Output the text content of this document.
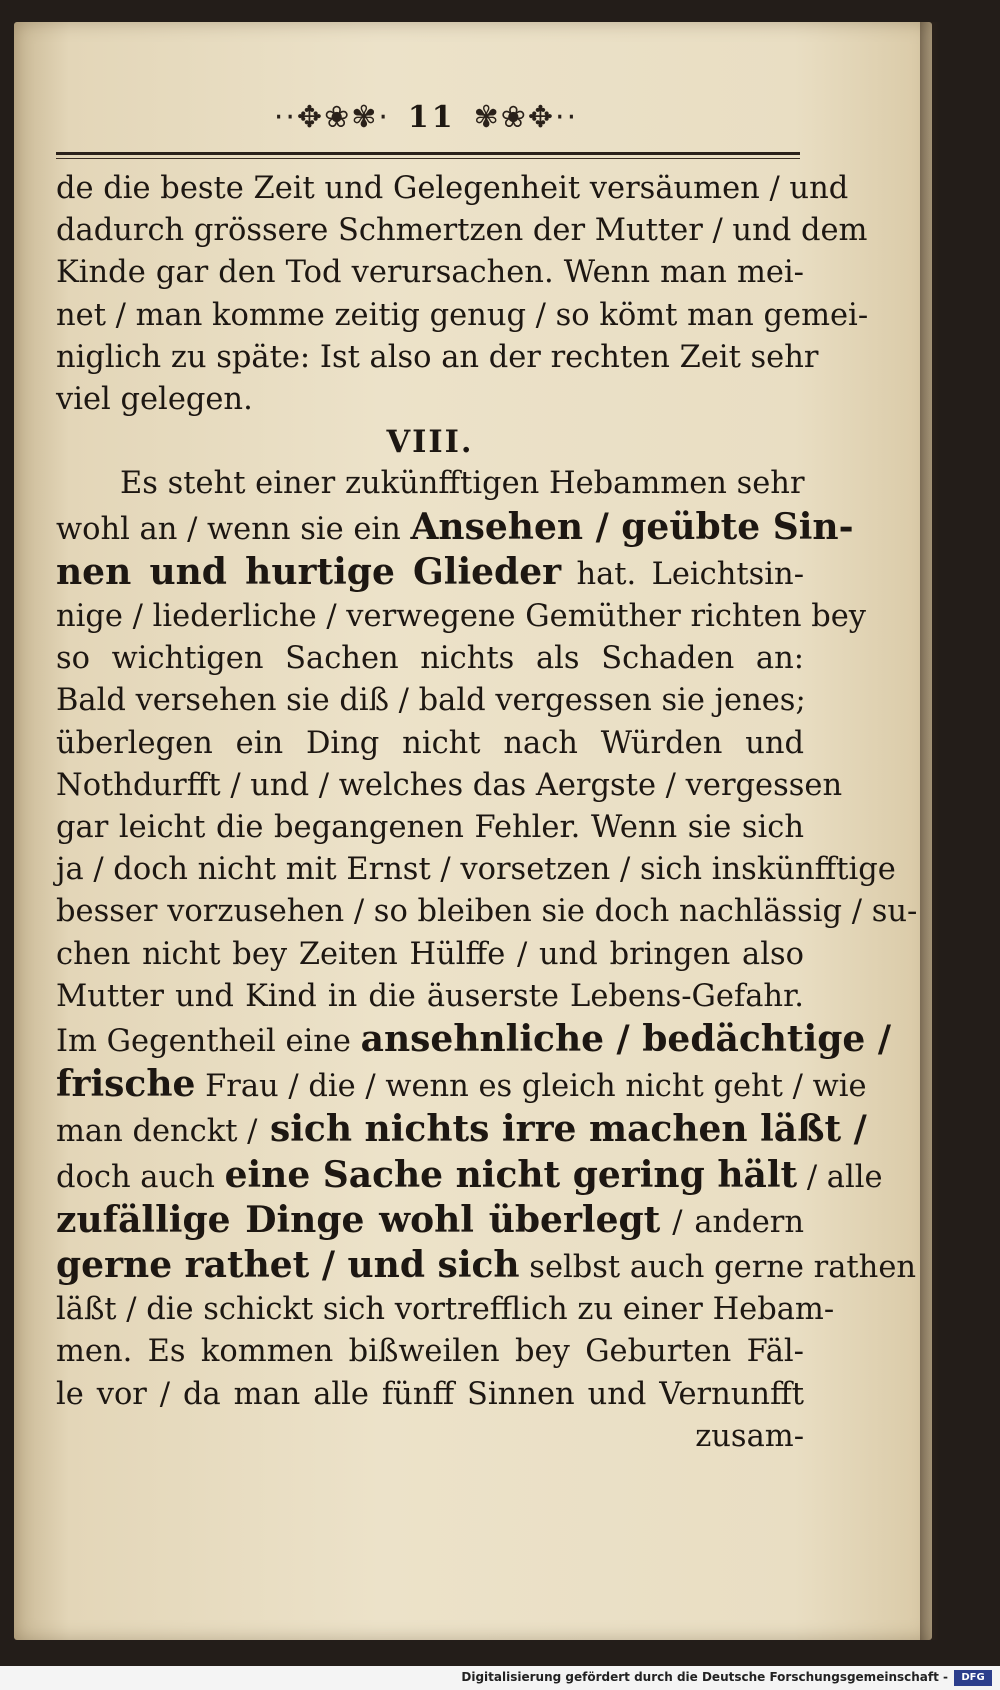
··✥❀✾· 11 ✾❀✥··
de die beste Zeit und Gelegenheit versäumen / und
dadurch grössere Schmertzen der Mutter / und dem
Kinde gar den Tod verursachen. Wenn man mei-
net / man komme zeitig genug / so kömt man gemei-
niglich zu späte: Ist also an der rechten Zeit sehr
viel gelegen.
VIII.
Es steht einer zukünfftigen Hebammen sehr
wohl an / wenn sie ein Ansehen / geübte Sin-
nen und hurtige Glieder hat. Leichtsin-
nige / liederliche / verwegene Gemüther richten bey
so wichtigen Sachen nichts als Schaden an:
Bald versehen sie diß / bald vergessen sie jenes;
überlegen ein Ding nicht nach Würden und
Nothdurfft / und / welches das Aergste / vergessen
gar leicht die begangenen Fehler. Wenn sie sich
ja / doch nicht mit Ernst / vorsetzen / sich inskünfftige
besser vorzusehen / so bleiben sie doch nachlässig / su-
chen nicht bey Zeiten Hülffe / und bringen also
Mutter und Kind in die äuserste Lebens-Gefahr.
Im Gegentheil eine ansehnliche / bedächtige /
frische Frau / die / wenn es gleich nicht geht / wie
man denckt / sich nichts irre machen läßt /
doch auch eine Sache nicht gering hält / alle
zufällige Dinge wohl überlegt / andern
gerne rathet / und sich selbst auch gerne rathen
läßt / die schickt sich vortrefflich zu einer Hebam-
men. Es kommen bißweilen bey Geburten Fäl-
le vor / da man alle fünff Sinnen und Vernunfft
zusam-
Digitalisierung gefördert durch die Deutsche Forschungsgemeinschaft -	DFG
